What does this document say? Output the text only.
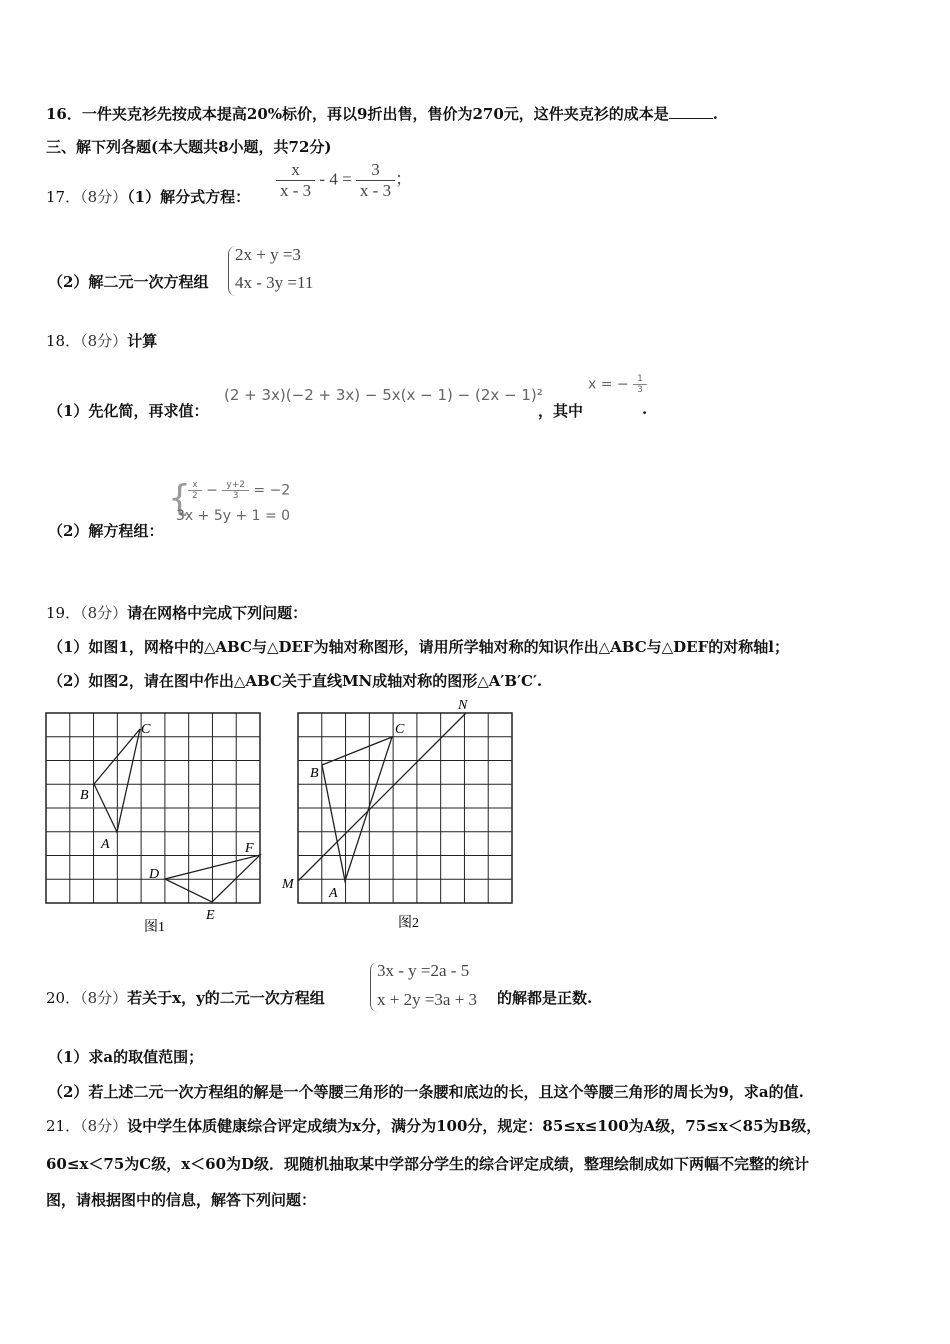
16．一件夹克衫先按成本提高20%标价，再以9折出售，售价为270元，这件夹克衫的成本是	.
三、解下列各题(本大题共8小题，共72分)
17．（8分）（1）解分式方程： $\frac{x}{x - 3} - 4 = \frac{3}{x - 3}$ ；
（2）解二元一次方程组
2x + y =3
4x - 3y =11
18．（8分）计算
（1）先化简，再求值：
(2 + 3x)(−2 + 3x) − 5x(x − 1) − (2x − 1)²
，其中
x = − $\frac{1}{3}$
.
（2）解方程组：
{
$\frac{x}{2} - \frac{y+2}{3} = -2$
3x + 5y + 1 = 0
19．（8分）请在网格中完成下列问题：
（1）如图1，网格中的△ABC与△DEF为轴对称图形，请用所学轴对称的知识作出△ABC与△DEF的对称轴l；
（2）如图2，请在图中作出△ABC关于直线MN成轴对称的图形△A′B′C′.
C
B
A
D
F
E
图1
N
C
B
M
A
图2
20．（8分）若关于x，y的二元一次方程组
3x - y =2a - 5
x + 2y =3a + 3 的解都是正数.
（1）求a的取值范围；
（2）若上述二元一次方程组的解是一个等腰三角形的一条腰和底边的长，且这个等腰三角形的周长为9，求a的值.
21．（8分）设中学生体质健康综合评定成绩为x分，满分为100分，规定：85≤x≤100为A级，75≤x＜85为B级，
60≤x＜75为C级，x＜60为D级．现随机抽取某中学部分学生的综合评定成绩，整理绘制成如下两幅不完整的统计
图，请根据图中的信息，解答下列问题：
